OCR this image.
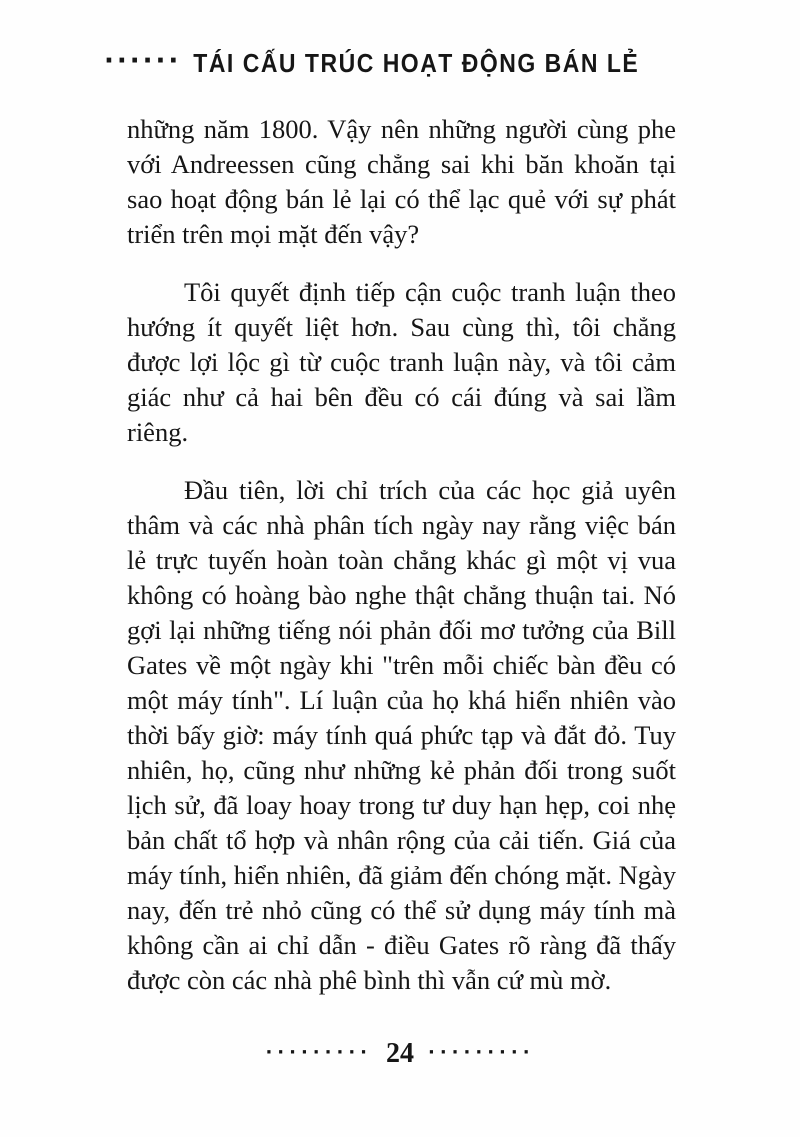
······ TÁI CẤU TRÚC HOẠT ĐỘNG BÁN LẺ

những năm 1800. Vậy nên những người cùng phe với Andreessen cũng chẳng sai khi băn khoăn tại sao hoạt động bán lẻ lại có thể lạc quẻ với sự phát triển trên mọi mặt đến vậy?

Tôi quyết định tiếp cận cuộc tranh luận theo hướng ít quyết liệt hơn. Sau cùng thì, tôi chẳng được lợi lộc gì từ cuộc tranh luận này, và tôi cảm giác như cả hai bên đều có cái đúng và sai lầm riêng.

Đầu tiên, lời chỉ trích của các học giả uyên thâm và các nhà phân tích ngày nay rằng việc bán lẻ trực tuyến hoàn toàn chẳng khác gì một vị vua không có hoàng bào nghe thật chẳng thuận tai. Nó gợi lại những tiếng nói phản đối mơ tưởng của Bill Gates về một ngày khi "trên mỗi chiếc bàn đều có một máy tính". Lí luận của họ khá hiển nhiên vào thời bấy giờ: máy tính quá phức tạp và đắt đỏ. Tuy nhiên, họ, cũng như những kẻ phản đối trong suốt lịch sử, đã loay hoay trong tư duy hạn hẹp, coi nhẹ bản chất tổ hợp và nhân rộng của cải tiến. Giá của máy tính, hiển nhiên, đã giảm đến chóng mặt. Ngày nay, đến trẻ nhỏ cũng có thể sử dụng máy tính mà không cần ai chỉ dẫn - điều Gates rõ ràng đã thấy được còn các nhà phê bình thì vẫn cứ mù mờ.

········· 24 ·········
